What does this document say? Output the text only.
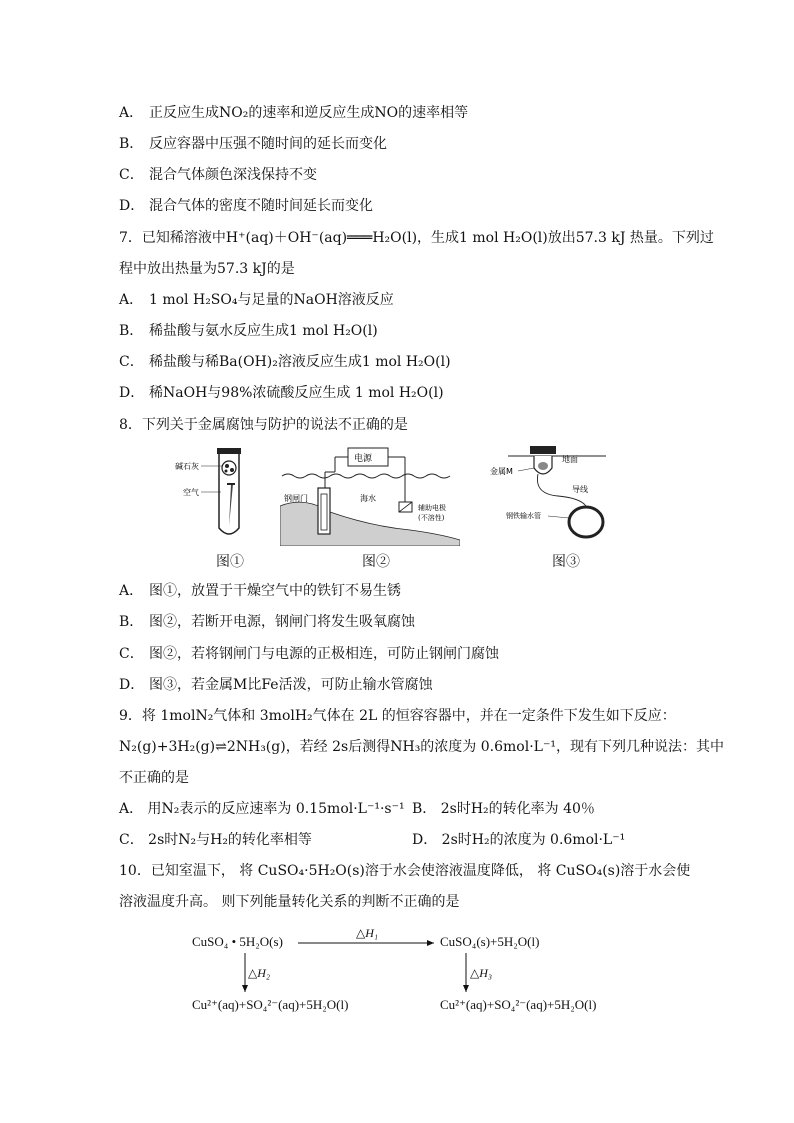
A． 正反应生成NO₂的速率和逆反应生成NO的速率相等
B． 反应容器中压强不随时间的延长而变化
C． 混合气体颜色深浅保持不变
D． 混合气体的密度不随时间延长而变化
7．已知稀溶液中H⁺(aq)＋OH⁻(aq)═══H₂O(l)，生成1 mol H₂O(l)放出57.3 kJ 热量。下列过
程中放出热量为57.3 kJ的是
A． 1 mol H₂SO₄与足量的NaOH溶液反应
B． 稀盐酸与氨水反应生成1 mol H₂O(l)
C． 稀盐酸与稀Ba(OH)₂溶液反应生成1 mol H₂O(l)
D． 稀NaOH与98%浓硫酸反应生成 1 mol H₂O(l)
8．下列关于金属腐蚀与防护的说法不正确的是
碱石灰
空气
图①
电源
钢闸门	海水
辅助电极
(不溶性)
图②
地面
金属M
导线
钢铁输水管
图③
A． 图①，放置于干燥空气中的铁钉不易生锈
B． 图②，若断开电源，钢闸门将发生吸氧腐蚀
C． 图②，若将钢闸门与电源的正极相连，可防止钢闸门腐蚀
D． 图③，若金属M比Fe活泼，可防止输水管腐蚀
9．将 1molN₂气体和 3molH₂气体在 2L 的恒容容器中，并在一定条件下发生如下反应：
N₂(g)+3H₂(g)⇌2NH₃(g)，若经 2s后测得NH₃的浓度为 0.6mol·L⁻¹，现有下列几种说法：其中
不正确的是
A． 用N₂表示的反应速率为 0.15mol·L⁻¹·s⁻¹ B． 2s时H₂的转化率为 40％
C． 2s时N₂与H₂的转化率相等	D． 2s时H₂的浓度为 0.6mol·L⁻¹
10．已知室温下， 将 CuSO₄·5H₂O(s)溶于水会使溶液温度降低， 将 CuSO₄(s)溶于水会使
溶液温度升高。 则下列能量转化关系的判断不正确的是
CuSO₄ • 5H₂O(s)	CuSO₄(s)+5H₂O(l)
Cu²⁺(aq)+SO₄²⁻(aq)+5H₂O(l)	Cu²⁺(aq)+SO₄²⁻(aq)+5H₂O(l)
△H₁
△H₂	△H₃
